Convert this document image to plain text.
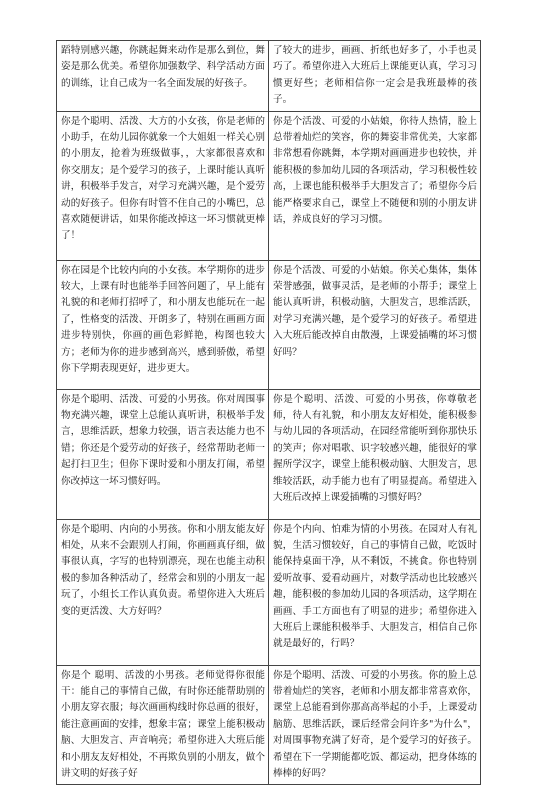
蹈特别感兴趣，你跳起舞来动作是那么到位，舞姿是那么优美。希望你加强数学、科学活动方面的训练，让自己成为一名全面发展的好孩子。	了较大的进步，画画、折纸也好多了，小手也灵巧了。希望你进入大班后上课能更认真，学习习惯更好些；老师相信你一定会是我班最棒的孩子。
你是个聪明、活泼、大方的小女孩，你是老师的小助手，在幼儿园你就象一个大姐姐一样关心别的小朋友，抢着为班级做事，，大家都很喜欢和你交朋友；是个爱学习的孩子，上课时能认真听讲，积极举手发言，对学习充满兴趣，是个爱劳动的好孩子。但你有时管不住自己的小嘴巴，总喜欢随便讲话，如果你能改掉这一坏习惯就更棒了！	你是个活泼、可爱的小姑娘，你待人热情，脸上总带着灿烂的笑容，你的舞姿非常优美，大家都非常想看你跳舞，本学期对画画进步也较快，并能积极的参加幼儿园的各项活动，学习积极性较高，上课也能积极举手大胆发言了；希望你今后能严格要求自己，课堂上不随便和别的小朋友讲话，养成良好的学习习惯。
你在园是个比较内向的小女孩。本学期你的进步较大，上课有时也能举手回答问题了，早上能有礼貌的和老师打招呼了，和小朋友也能玩在一起了，性格变的活泼、开朗多了，特别在画画方面进步特别快，你画的画色彩鲜艳，构图也较大方；老师为你的进步感到高兴，感到骄傲，希望你下学期表现更好，进步更大。	你是个活泼、可爱的小姑娘。你关心集体，集体荣誉感强，做事灵活，是老师的小帮手；课堂上能认真听讲，积极动脑，大胆发言，思维活跃，对学习充满兴趣，是个爱学习的好孩子。希望进入大班后能改掉自由散漫，上课爱插嘴的坏习惯好吗？
你是个聪明、活泼、可爱的小男孩。你对周围事物充满兴趣，课堂上总能认真听讲，积极举手发言，思维活跃，想象力较强，语言表达能力也不错；你还是个爱劳动的好孩子，经常帮助老师一起打扫卫生；但你下课时爱和小朋友打闹，希望你改掉这一坏习惯好吗。	你是个聪明、活泼、可爱的小男孩，你尊敬老师，待人有礼貌，和小朋友友好相处，能积极参与幼儿园的各项活动，在园经常能听到你那快乐的笑声；你对唱歌、识字较感兴趣，能很好的掌握所学汉字，课堂上能积极动脑、大胆发言，思维较活跃，动手能力也有了明显提高。希望进入大班后改掉上课爱插嘴的习惯好吗？
你是个聪明、内向的小男孩。你和小朋友能友好相处，从来不会跟别人打闹，你画画真仔细，做事很认真，字写的也特别漂亮，现在也能主动积极的参加各种活动了，经常会和别的小朋友一起玩了，小组长工作认真负责。希望你进入大班后变的更活泼、大方好吗？	你是个内向、怕难为情的小男孩。在园对人有礼貌，生活习惯较好，自己的事情自己做，吃饭时能保持桌面干净，从不剩饭，不挑食。你也特别爱听故事、爱看动画片，对数学活动也比较感兴趣，能积极的参加幼儿园的各项活动，这学期在画画、手工方面也有了明显的进步；希望你进入大班后上课能积极举手、大胆发言，相信自己你就是最好的，行吗？
你是个 聪明、活泼的小男孩。老师觉得你很能干：能自己的事情自己做，有时你还能帮助别的小朋友穿衣服；每次画画构线时你总画的很好，能注意画面的安排，想象丰富；课堂上能积极动脑、大胆发言、声音响亮；希望你进入大班后能和小朋友友好相处，不再欺负别的小朋友，做个讲文明的好孩子好	你是个聪明、活泼、可爱的小男孩。你的脸上总带着灿烂的笑容，老师和小朋友都非常喜欢你，课堂上总能看到你那高高举起的小手，上课爱动脑筋、思维活跃，课后经常会问许多"为什么"，对周围事物充满了好奇，是个爱学习的好孩子。希望在下一学期能都吃饭、都运动，把身体练的棒棒的好吗？
